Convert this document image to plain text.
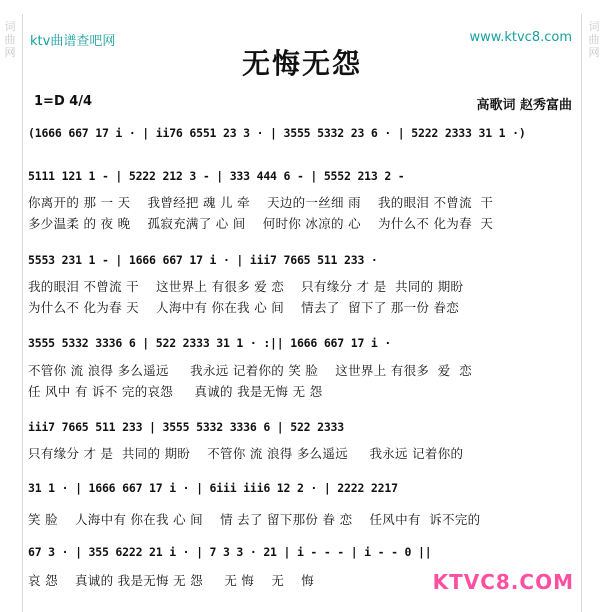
词
曲
网
词
曲
网
ktv曲谱查吧网	www.ktvc8.com
无悔无怨
1=D 4/4	高歌词 赵秀富曲
(1666 667 17 i · | ii76 6551 23 3 · | 3555 5332 23 6 · | 5222 2333 31 1 ·)
5111 121 1 - | 5222 212 3 - | 333 444 6 - | 5552 213 2 -
你离开的 那 一 天    我曾经把 魂 儿 牵    天边的一丝细 雨    我的眼泪 不曾流  干
多少温柔 的 夜 晚    孤寂充满了 心 间    何时你 冰凉的 心    为什么不 化为春  天
5553 231 1 - | 1666 667 17 i · | iii7 7665 511 233 ·
我的眼泪 不曾流 干    这世界上 有很多 爱 恋    只有缘分 才 是  共同的 期盼
为什么不 化为春 天    人海中有 你在我 心 间    情去了  留下了 那一份 眷恋
3555 5332 3336 6 | 522 2333 31 1 · :|| 1666 667 17 i ·
不管你 流 浪得 多么遥远     我永远 记着你的 笑 脸    这世界上 有很多  爱  恋
任 风中 有 诉不 完的哀怨     真诚的 我是无悔 无 怨
iii7 7665 511 233 | 3555 5332 3336 6 | 522 2333
只有缘分 才 是  共同的 期盼    不管你 流 浪得 多么遥远     我永远 记着你的
31 1 · | 1666 667 17 i · | 6iii iii6 12 2 · | 2222 2217
笑 脸    人海中有 你在我 心 间    情 去了 留下那份 眷 恋    任风中有  诉不完的
67 3 · | 355 6222 21 i · | 7 3 3 · 21 | i - - - | i - - 0 ||
哀 怨    真诚的 我是无悔 无 怨     无 悔    无    悔	KTVC8.COM
